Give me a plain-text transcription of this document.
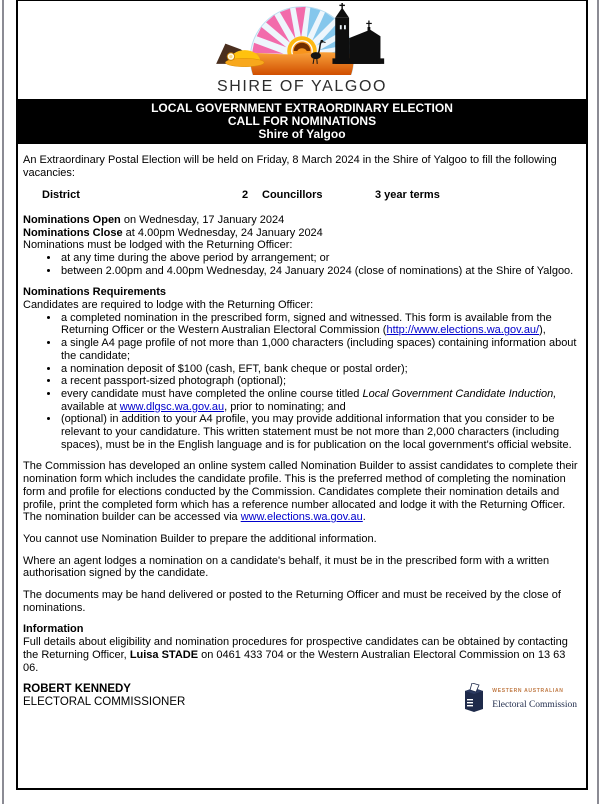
SHIRE OF YALGOO
LOCAL GOVERNMENT EXTRAORDINARY ELECTION
CALL FOR NOMINATIONS
Shire of Yalgoo

An Extraordinary Postal Election will be held on Friday, 8 March 2024 in the Shire of Yalgoo to fill the following vacancies:

District	2 Councillors	3 year terms
Nominations Open on Wednesday, 17 January 2024
Nominations Close at 4.00pm Wednesday, 24 January 2024
Nominations must be lodged with the Returning Officer:
• at any time during the above period by arrangement; or
• between 2.00pm and 4.00pm Wednesday, 24 January 2024 (close of nominations) at the Shire of Yalgoo.
Nominations Requirements
Candidates are required to lodge with the Returning Officer:
• a completed nomination in the prescribed form, signed and witnessed. This form is available from the Returning Officer or the Western Australian Electoral Commission (http://www.elections.wa.gov.au/),
• a single A4 page profile of not more than 1,000 characters (including spaces) containing information about the candidate;
• a nomination deposit of $100 (cash, EFT, bank cheque or postal order);
• a recent passport-sized photograph (optional);
• every candidate must have completed the online course titled Local Government Candidate Induction, available at www.dlgsc.wa.gov.au, prior to nominating; and
• (optional) in addition to your A4 profile, you may provide additional information that you consider to be relevant to your candidature. This written statement must be not more than 2,000 characters (including spaces), must be in the English language and is for publication on the local government's official website.

The Commission has developed an online system called Nomination Builder to assist candidates to complete their nomination form which includes the candidate profile. This is the preferred method of completing the nomination form and profile for elections conducted by the Commission. Candidates complete their nomination details and profile, print the completed form which has a reference number allocated and lodge it with the Returning Officer. The nomination builder can be accessed via www.elections.wa.gov.au.

You cannot use Nomination Builder to prepare the additional information.

Where an agent lodges a nomination on a candidate's behalf, it must be in the prescribed form with a written authorisation signed by the candidate.

The documents may be hand delivered or posted to the Returning Officer and must be received by the close of nominations.

Information
Full details about eligibility and nomination procedures for prospective candidates can be obtained by contacting the Returning Officer, Luisa STADE on 0461 433 704 or the Western Australian Electoral Commission on 13 63 06.
ROBERT KENNEDY
ELECTORAL COMMISSIONER
WESTERN AUSTRALIAN
Electoral Commission
